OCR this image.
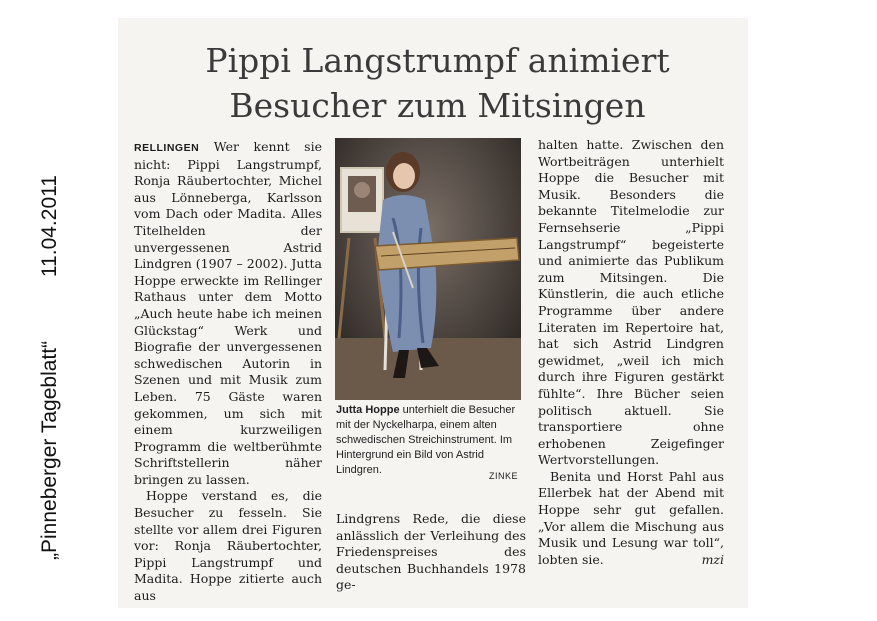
„Pinneberger Tageblatt“ 11.04.2011
Pippi Langstrumpf animiert
Besucher zum Mitsingen

RELLINGEN Wer kennt sie nicht: Pippi Langstrumpf, Ronja Räubertochter, Michel aus Lönneberga, Karlsson vom Dach oder Madita. Alles Titelhelden der unvergessenen Astrid Lindgren (1907 – 2002). Jutta Hoppe erweckte im Rellinger Rathaus unter dem Motto „Auch heute habe ich meinen Glückstag“ Werk und Biografie der unvergessenen schwedischen Autorin in Szenen und mit Musik zum Leben. 75 Gäste waren gekommen, um sich mit einem kurzweiligen Programm die weltberühmte Schriftstellerin näher bringen zu lassen.

Hoppe verstand es, die Besucher zu fesseln. Sie stellte vor allem drei Figuren vor: Ronja Räubertochter, Pippi Langstrumpf und Madita. Hoppe zitierte auch aus

Jutta Hoppe unterhielt die Besucher mit der Nyckelharpa, einem alten schwedischen Streichinstrument. Im Hintergrund ein Bild von Astrid Lindgren.	ZINKE

Lindgrens Rede, die diese anlässlich der Verleihung des Friedenspreises des deutschen Buchhandels 1978 ge-

halten hatte. Zwischen den Wortbeiträgen unterhielt Hoppe die Besucher mit Musik. Besonders die bekannte Titelmelodie zur Fernsehserie „Pippi Langstrumpf“ begeisterte und animierte das Publikum zum Mitsingen. Die Künstlerin, die auch etliche Programme über andere Literaten im Repertoire hat, hat sich Astrid Lindgren gewidmet, „weil ich mich durch ihre Figuren gestärkt fühlte“. Ihre Bücher seien politisch aktuell. Sie transportiere ohne erhobenen Zeigefinger Wertvorstellungen.

Benita und Horst Pahl aus Ellerbek hat der Abend mit Hoppe sehr gut gefallen. „Vor allem die Mischung aus Musik und Lesung war toll“, lobten sie.	mzi
